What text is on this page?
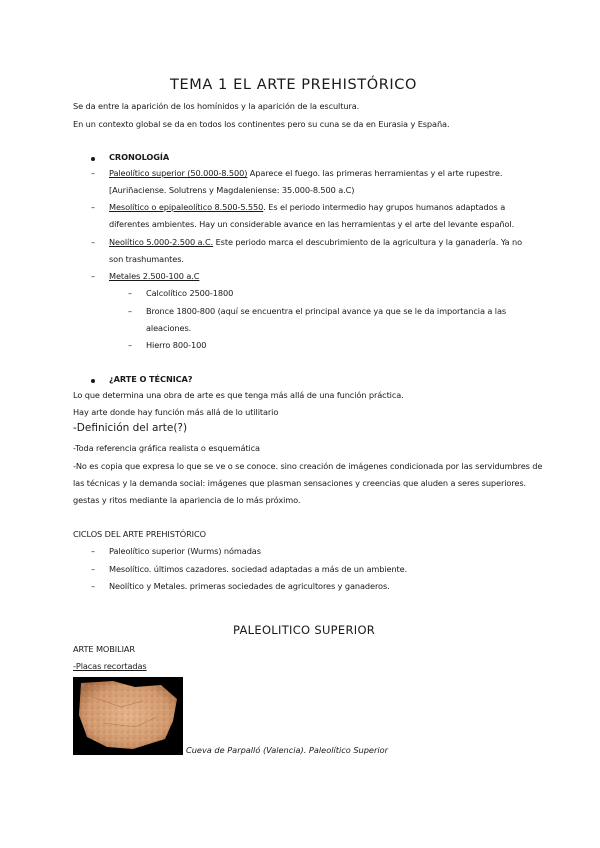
TEMA 1 EL ARTE PREHISTÓRICO
Se da entre la aparición de los homínidos y la aparición de la escultura.
En un contexto global se da en todos los continentes pero su cuna se da en Eurasia y España.
CRONOLOGÍA
– Paleolítico superior (50.000-8.500) Aparece el fuego. las primeras herramientas y el arte rupestre.
[Auriñaciense. Solutrens y Magdaleniense: 35.000-8.500 a.C)
– Mesolítico o epipaleolítico 8.500-5.550. Es el periodo intermedio hay grupos humanos adaptados a
diferentes ambientes. Hay un considerable avance en las herramientas y el arte del levante español.
– Neolítico 5.000-2.500 a.C. Este periodo marca el descubrimiento de la agricultura y la ganadería. Ya no
son trashumantes.
– Metales 2.500-100 a.C
– Calcolítico 2500-1800
– Bronce 1800-800 (aquí se encuentra el principal avance ya que se le da importancia a las
aleaciones.
– Hierro 800-100
¿ARTE O TÉCNICA?
Lo que determina una obra de arte es que tenga más allá de una función práctica.
Hay arte donde hay función más allá de lo utilitario
-Definición del arte(?)
-Toda referencia gráfica realista o esquemática
-No es copia que expresa lo que se ve o se conoce. sino creación de imágenes condicionada por las servidumbres de
las técnicas y la demanda social: imágenes que plasman sensaciones y creencias que aluden a seres superiores.
gestas y ritos mediante la apariencia de lo más próximo.
CICLOS DEL ARTE PREHISTÓRICO
– Paleolítico superior (Wurms) nómadas
– Mesolítico. últimos cazadores. sociedad adaptadas a más de un ambiente.
– Neolítico y Metales. primeras sociedades de agricultores y ganaderos.
PALEOLITICO SUPERIOR
ARTE MOBILIAR
-Placas recortadas
Cueva de Parpalló (Valencia). Paleolítico Superior
